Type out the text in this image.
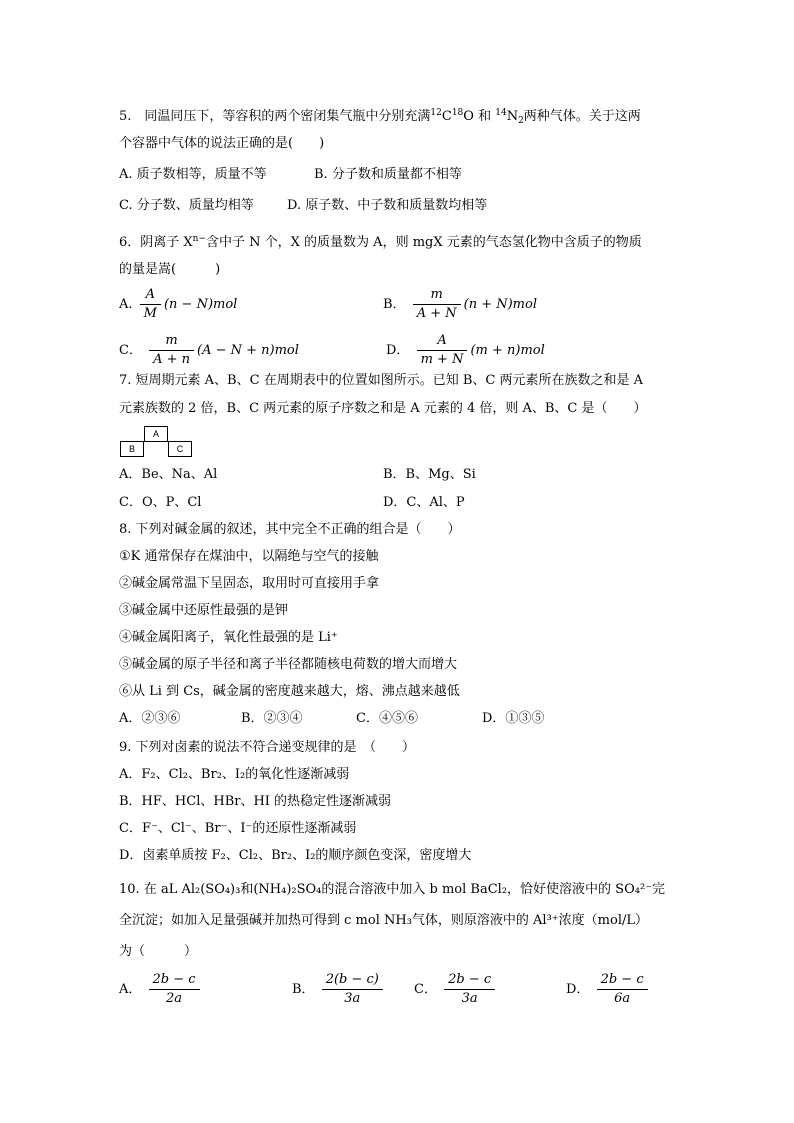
5.　同温同压下，等容积的两个密闭集气瓶中分别充满$^{12}C^{18}O$ 和 $^{14}N_2$两种气体。关于这两
个容器中气体的说法正确的是(　　)
A. 质子数相等，质量不等	B. 分子数和质量都不相等
C. 分子数、质量均相等	D. 原子数、中子数和质量数均相等
6．阴离子 $X^{n-}$含中子 N 个，X 的质量数为 A，则 mgX 元素的气态氢化物中含质子的物质
的量是嵩(　　　)
A. $\frac{A}{M} (n - N)mol$	B． $\frac{m}{A + N} (n + N)mol$
C． $\frac{m}{A + n} (A - N + n)mol$	D． $\frac{A}{m + N} (m + n)mol$
7. 短周期元素 A、B、C 在周期表中的位置如图所示。已知 B、C 两元素所在族数之和是 A
元素族数的 2 倍，B、C 两元素的原子序数之和是 A 元素的 4 倍，则 A、B、C 是（　　）
A
B	C
A．Be、Na、Al	B．B、Mg、Si
C．O、P、Cl	D．C、Al、P
8. 下列对碱金属的叙述，其中完全不正确的组合是（　　）
①K 通常保存在煤油中，以隔绝与空气的接触
②碱金属常温下呈固态，取用时可直接用手拿
③碱金属中还原性最强的是钾
④碱金属阳离子，氧化性最强的是 Li⁺
⑤碱金属的原子半径和离子半径都随核电荷数的增大而增大
⑥从 Li 到 Cs，碱金属的密度越来越大，熔、沸点越来越低
A．②③⑥	B．②③④	C．④⑤⑥	D．①③⑤
9. 下列对卤素的说法不符合递变规律的是　（　　）
A．F₂、Cl₂、Br₂、I₂的氧化性逐渐减弱
B．HF、HCl、HBr、HI 的热稳定性逐渐减弱
C．F⁻、Cl⁻、Br⁻、I⁻的还原性逐渐减弱
D．卤素单质按 F₂、Cl₂、Br₂、I₂的顺序颜色变深，密度增大
10. 在 aL Al₂(SO₄)₃和(NH₄)₂SO₄的混合溶液中加入 b mol BaCl₂，恰好使溶液中的 SO₄²⁻完
全沉淀；如加入足量强碱并加热可得到 c mol NH₃气体，则原溶液中的 Al³⁺浓度（mol/L）
为（　　　）
A． $\frac{2b - c}{2a}$	B． $\frac{2(b - c)}{3a}$ C． $\frac{2b - c}{3a}$	D． $\frac{2b - c}{6a}$
